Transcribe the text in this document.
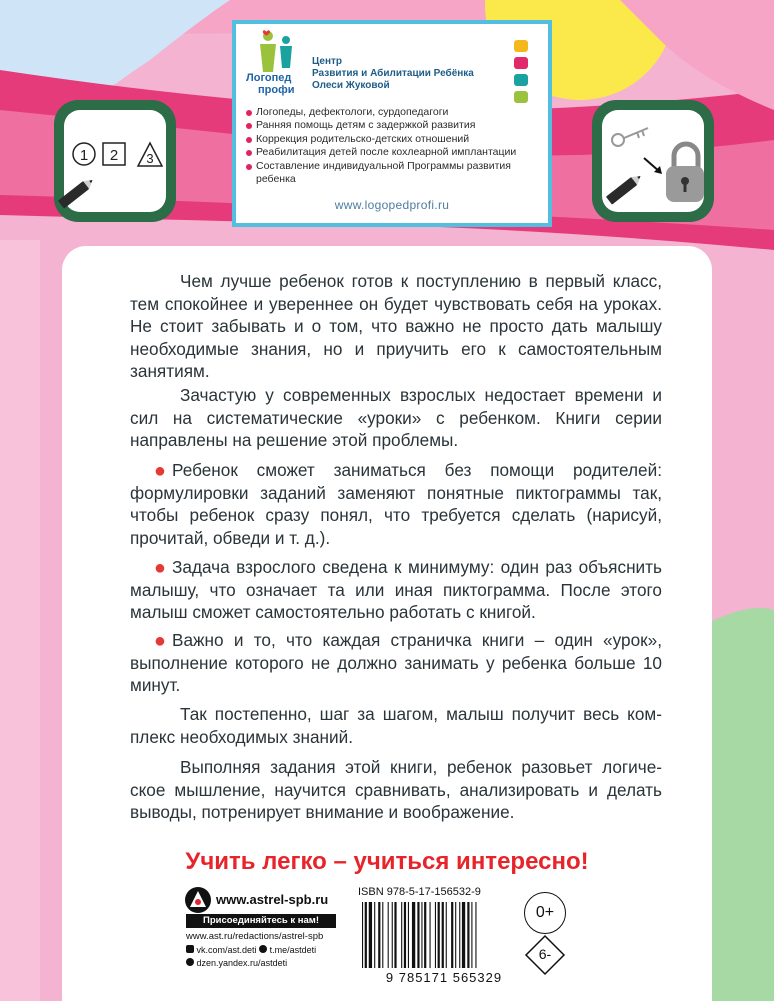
1 2 3
Логопед
профи
Центр
Развития и Абилитации Ребёнка
Олеси Жуковой
Логопеды, дефектологи, сурдопедагоги
Ранняя помощь детям с задержкой развития
Коррекция родительско-детских отношений
Реабилитация детей после кохлеарной имплантации
Составление индивидуальной Программы развития ребенка
www.logopedprofi.ru
Чем лучше ребенок готов к поступлению в первый класс, тем спокойнее и увереннее он будет чувствовать себя на уроках. Не стоит забывать и о том, что важно не просто дать малышу необходимые знания, но и приучить его к самостоятельным занятиям.
Зачастую у современных взрослых недостает времени и сил на систематические «уроки» с ребенком. Книги серии направлены на решение этой проблемы.
● Ребенок сможет заниматься без помощи родителей: формулировки заданий заменяют понятные пиктограммы так, чтобы ребенок сразу понял, что требуется сделать (нарисуй, прочитай, обведи и т. д.).
● Задача взрослого сведена к минимуму: один раз объяснить малышу, что означает та или иная пиктограмма. После этого малыш сможет самостоятельно работать с книгой.
● Важно и то, что каждая страничка книги – один «урок», выполнение которого не должно занимать у ребенка больше 10 минут.
Так постепенно, шаг за шагом, малыш получит весь комплекс необходимых знаний.
Выполняя задания этой книги, ребенок разовьет логическое мышление, научится сравнивать, анализировать и делать выводы, потренирует внимание и воображение.
Учить легко – учиться интересно!
www.astrel-spb.ru
Присоединяйтесь к нам!
www.ast.ru/redactions/astrel-spb
vk.com/ast.deti t.me/astdeti
dzen.yandex.ru/astdeti
ISBN 978-5-17-156532-9
9 785171 565329
0+
6-
